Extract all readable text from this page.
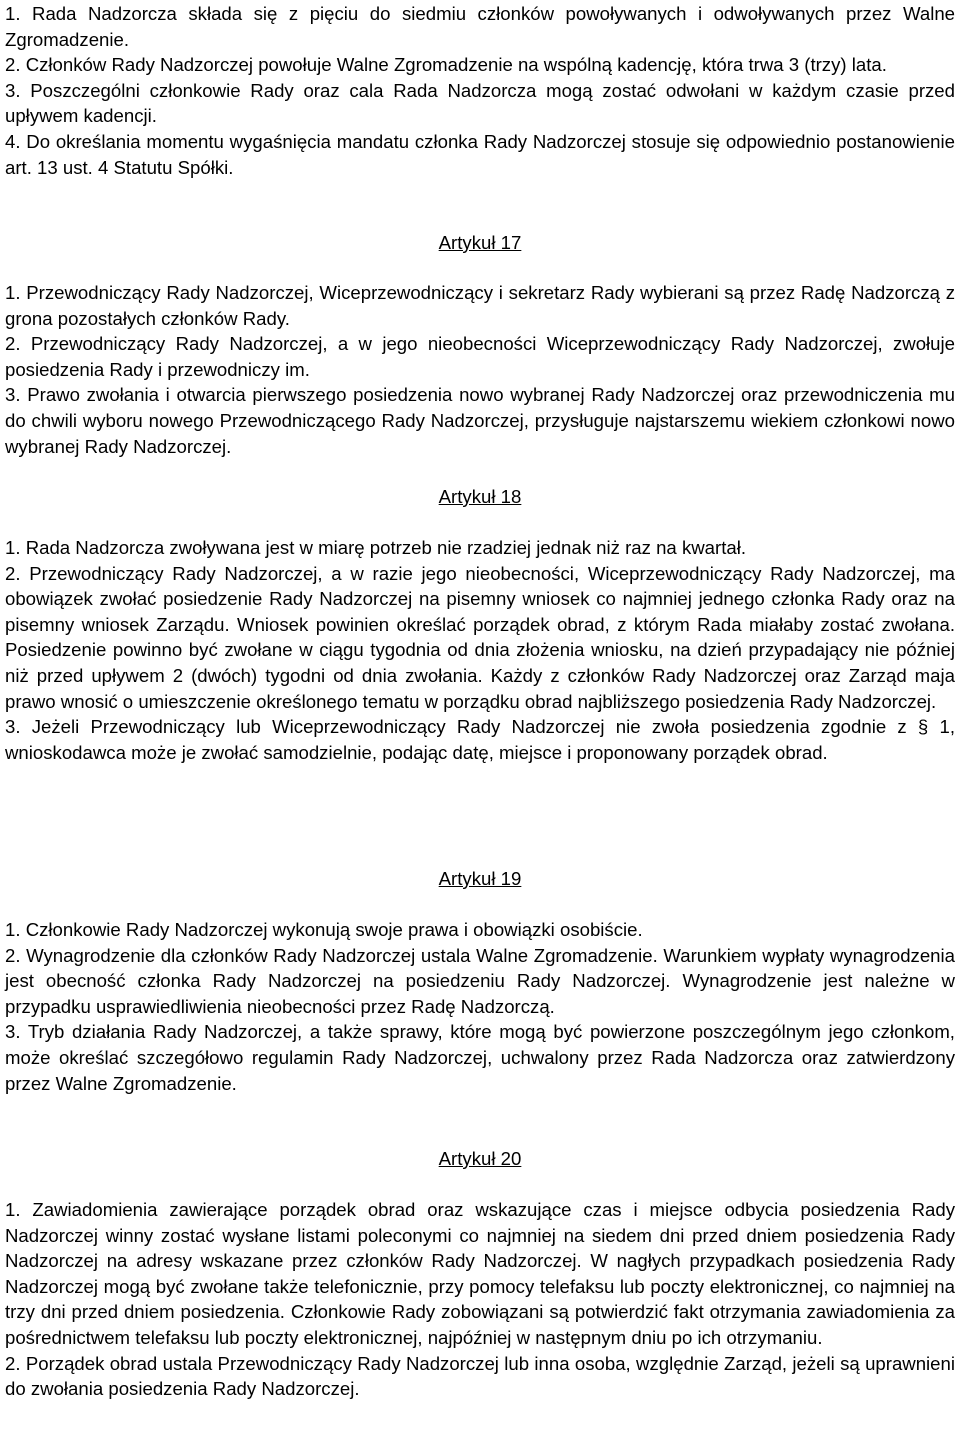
1. Rada Nadzorcza składa się z pięciu do siedmiu członków powoływanych i odwoływanych przez Walne Zgromadzenie.

2. Członków Rady Nadzorczej powołuje Walne Zgromadzenie na wspólną kadencję, która trwa 3 (trzy) lata.

3. Poszczególni członkowie Rady oraz cala Rada Nadzorcza mogą zostać odwołani w każdym czasie przed upływem kadencji.

4. Do określania momentu wygaśnięcia mandatu członka Rady Nadzorczej stosuje się odpowiednio postanowienie art. 13 ust. 4 Statutu Spółki.

Artykuł 17

1. Przewodniczący Rady Nadzorczej, Wiceprzewodniczący i sekretarz Rady wybierani są przez Radę Nadzorczą z grona pozostałych członków Rady.

2. Przewodniczący Rady Nadzorczej, a w jego nieobecności Wiceprzewodniczący Rady Nadzorczej, zwołuje posiedzenia Rady i przewodniczy im.

3. Prawo zwołania i otwarcia pierwszego posiedzenia nowo wybranej Rady Nadzorczej oraz przewodniczenia mu do chwili wyboru nowego Przewodniczącego Rady Nadzorczej, przysługuje najstarszemu wiekiem członkowi nowo wybranej Rady Nadzorczej.

Artykuł 18

1. Rada Nadzorcza zwoływana jest w miarę potrzeb nie rzadziej jednak niż raz na kwartał.

2. Przewodniczący Rady Nadzorczej, a w razie jego nieobecności, Wiceprzewodniczący Rady Nadzorczej, ma obowiązek zwołać posiedzenie Rady Nadzorczej na pisemny wniosek co najmniej jednego członka Rady oraz na pisemny wniosek Zarządu. Wniosek powinien określać porządek obrad, z którym Rada miałaby zostać zwołana. Posiedzenie powinno być zwołane w ciągu tygodnia od dnia złożenia wniosku, na dzień przypadający nie później niż przed upływem 2 (dwóch) tygodni od dnia zwołania. Każdy z członków Rady Nadzorczej oraz Zarząd maja prawo wnosić o umieszczenie określonego tematu w porządku obrad najbliższego posiedzenia Rady Nadzorczej.

3. Jeżeli Przewodniczący lub Wiceprzewodniczący Rady Nadzorczej nie zwoła posiedzenia zgodnie z § 1, wnioskodawca może je zwołać samodzielnie, podając datę, miejsce i proponowany porządek obrad.

Artykuł 19

1. Członkowie Rady Nadzorczej wykonują swoje prawa i obowiązki osobiście.

2. Wynagrodzenie dla członków Rady Nadzorczej ustala Walne Zgromadzenie. Warunkiem wypłaty wynagrodzenia jest obecność członka Rady Nadzorczej na posiedzeniu Rady Nadzorczej. Wynagrodzenie jest należne w przypadku usprawiedliwienia nieobecności przez Radę Nadzorczą.

3. Tryb działania Rady Nadzorczej, a także sprawy, które mogą być powierzone poszczególnym jego członkom, może określać szczegółowo regulamin Rady Nadzorczej, uchwalony przez Rada Nadzorcza oraz zatwierdzony przez Walne Zgromadzenie.

Artykuł 20

1. Zawiadomienia zawierające porządek obrad oraz wskazujące czas i miejsce odbycia posiedzenia Rady Nadzorczej winny zostać wysłane listami poleconymi co najmniej na siedem dni przed dniem posiedzenia Rady Nadzorczej na adresy wskazane przez członków Rady Nadzorczej. W nagłych przypadkach posiedzenia Rady Nadzorczej mogą być zwołane także telefonicznie, przy pomocy telefaksu lub poczty elektronicznej, co najmniej na trzy dni przed dniem posiedzenia. Członkowie Rady zobowiązani są potwierdzić fakt otrzymania zawiadomienia za pośrednictwem telefaksu lub poczty elektronicznej, najpóźniej w następnym dniu po ich otrzymaniu.

2. Porządek obrad ustala Przewodniczący Rady Nadzorczej lub inna osoba, względnie Zarząd, jeżeli są uprawnieni do zwołania posiedzenia Rady Nadzorczej.
